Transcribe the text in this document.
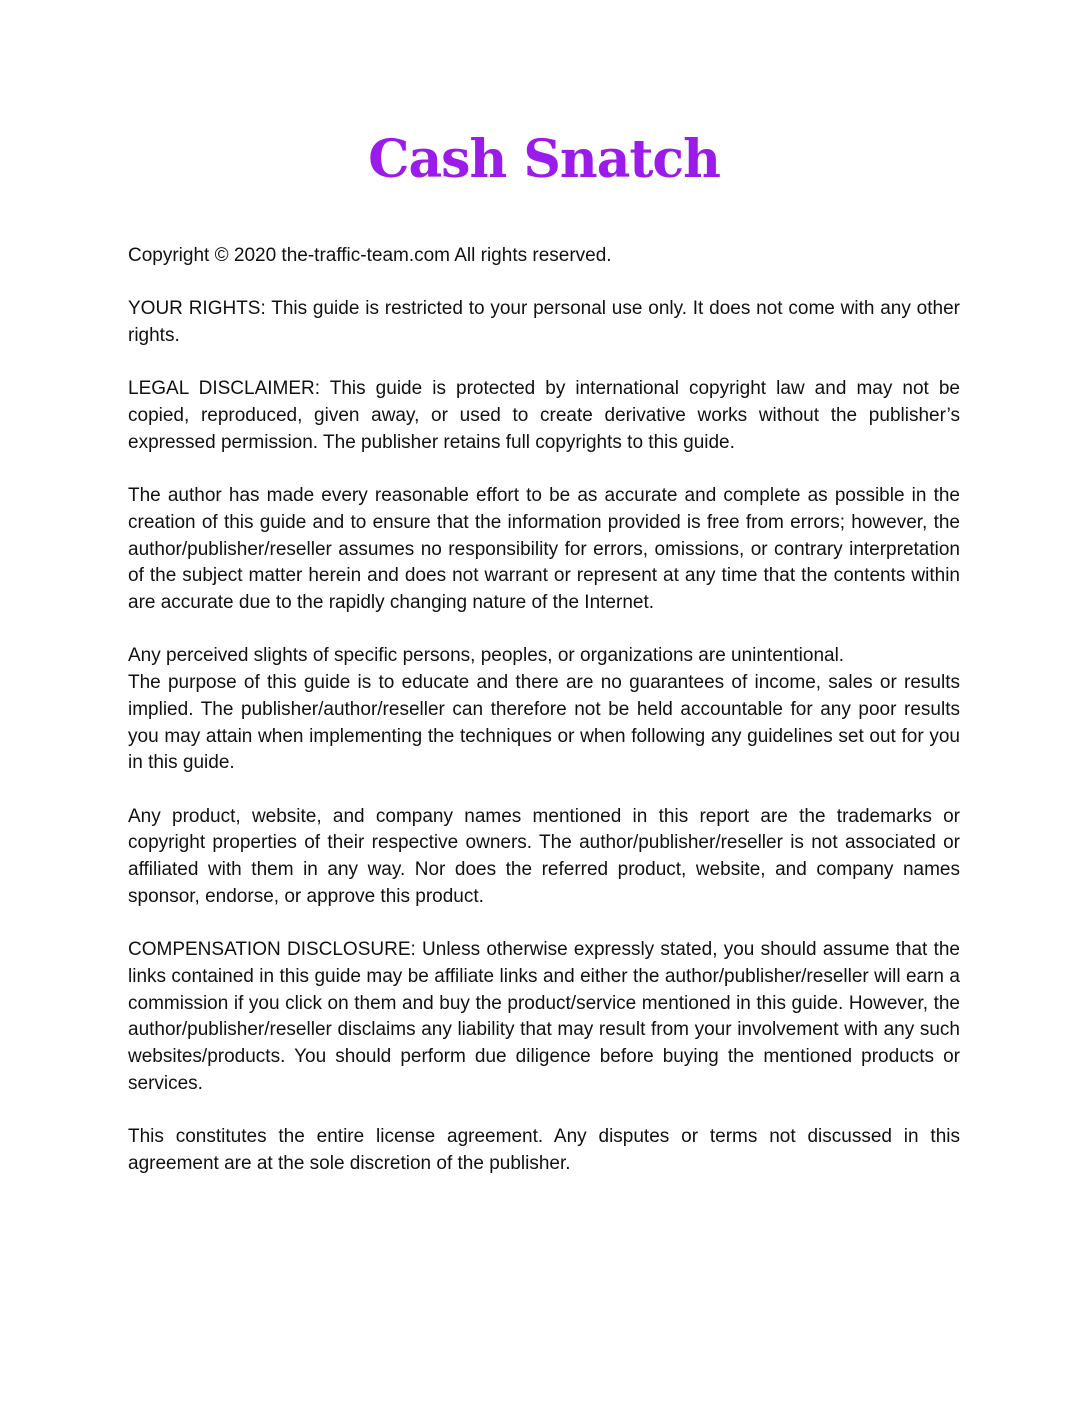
Cash Snatch

Copyright © 2020 the-traffic-team.com All rights reserved.

YOUR RIGHTS: This guide is restricted to your personal use only. It does not come with any other rights.

LEGAL DISCLAIMER: This guide is protected by international copyright law and may not be copied, reproduced, given away, or used to create derivative works without the publisher’s expressed permission. The publisher retains full copyrights to this guide.

The author has made every reasonable effort to be as accurate and complete as possible in the creation of this guide and to ensure that the information provided is free from errors; however, the author/publisher/reseller assumes no responsibility for errors, omissions, or contrary interpretation of the subject matter herein and does not warrant or represent at any time that the contents within are accurate due to the rapidly changing nature of the Internet.

Any perceived slights of specific persons, peoples, or organizations are unintentional.

The purpose of this guide is to educate and there are no guarantees of income, sales or results implied. The publisher/author/reseller can therefore not be held accountable for any poor results you may attain when implementing the techniques or when following any guidelines set out for you in this guide.

Any product, website, and company names mentioned in this report are the trademarks or copyright properties of their respective owners. The author/publisher/reseller is not associated or affiliated with them in any way. Nor does the referred product, website, and company names sponsor, endorse, or approve this product.

COMPENSATION DISCLOSURE: Unless otherwise expressly stated, you should assume that the links contained in this guide may be affiliate links and either the author/publisher/reseller will earn a commission if you click on them and buy the product/service mentioned in this guide. However, the author/publisher/reseller disclaims any liability that may result from your involvement with any such websites/products. You should perform due diligence before buying the mentioned products or services.

This constitutes the entire license agreement. Any disputes or terms not discussed in this agreement are at the sole discretion of the publisher.
